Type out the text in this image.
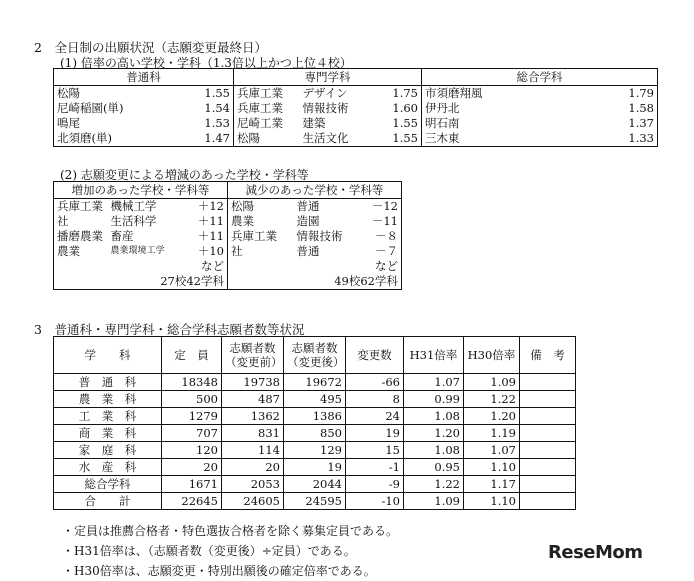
2　全日制の出願状況（志願変更最終日）
(1) 倍率の高い学校・学科（1.3倍以上かつ上位４校）
普通科		専門学科			総合学科	
松陽	1.55	兵庫工業	デザイン	1.75	市須磨翔風	1.79
尼崎稲園(単)	1.54	兵庫工業	情報技術	1.60	伊丹北	1.58
鳴尾	1.53	尼崎工業	建築	1.55	明石南	1.37
北須磨(単)	1.47	松陽	生活文化	1.55	三木東	1.33
(2) 志願変更による増減のあった学校・学科等
増加のあった学校・学科等			減少のあった学校・学科等		
兵庫工業	機械工学	＋12	松陽	普通	－12
社	生活科学	＋11	農業	造園	－11
播磨農業	畜産	＋11	兵庫工業	情報技術	－８
農業	農業環境工学	＋10	社	普通	－７
		など			など
27校42学科			49校62学科		
3　普通科・専門学科・総合学科志願者数等状況
学　　科	定　員	志願者数（変更前）	志願者数（変更後）	変更数	H31倍率	H30倍率	備　考
普　通　科	18348	19738	19672	-66	1.07	1.09	
農　業　科	500	487	495	8	0.99	1.22	
工　業　科	1279	1362	1386	24	1.08	1.20	
商　業　科	707	831	850	19	1.20	1.19	
家　庭　科	120	114	129	15	1.08	1.07	
水　産　科	20	20	19	-1	0.95	1.10	
総合学科	1671	2053	2044	-9	1.22	1.17	
合　　計	22645	24605	24595	-10	1.09	1.10	
・定員は推薦合格者・特色選抜合格者を除く募集定員である。
・H31倍率は、（志願者数（変更後）÷定員）である。
・H30倍率は、志願変更・特別出願後の確定倍率である。
ReseMom
